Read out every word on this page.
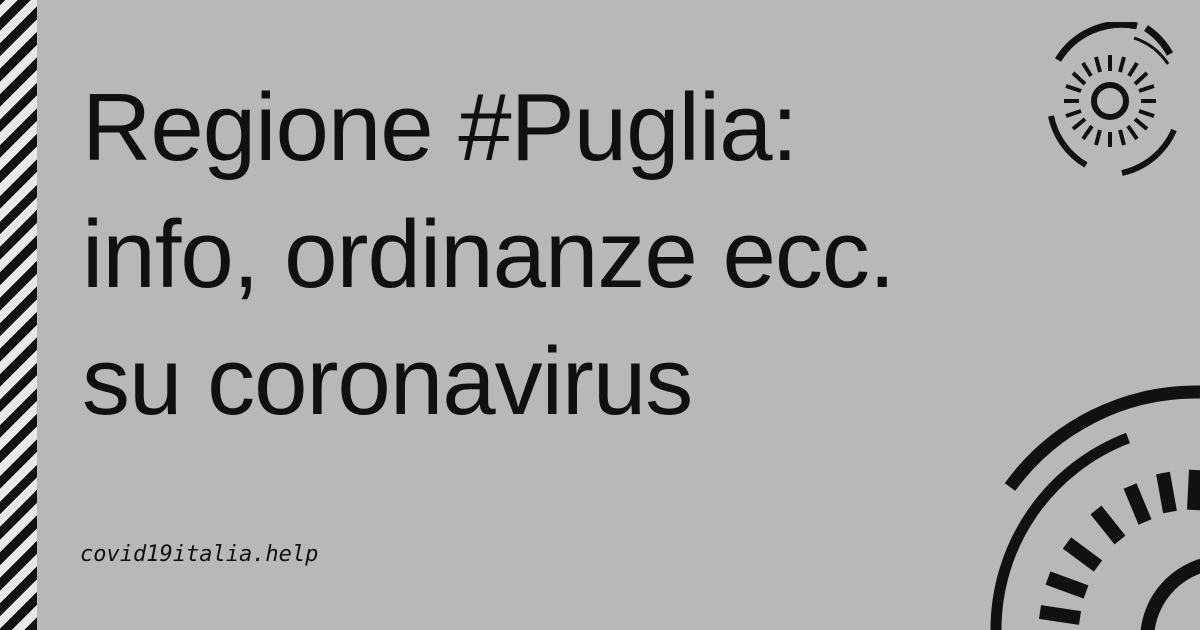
Regione #Puglia:
info, ordinanze ecc.
su coronavirus
covid19italia.help
